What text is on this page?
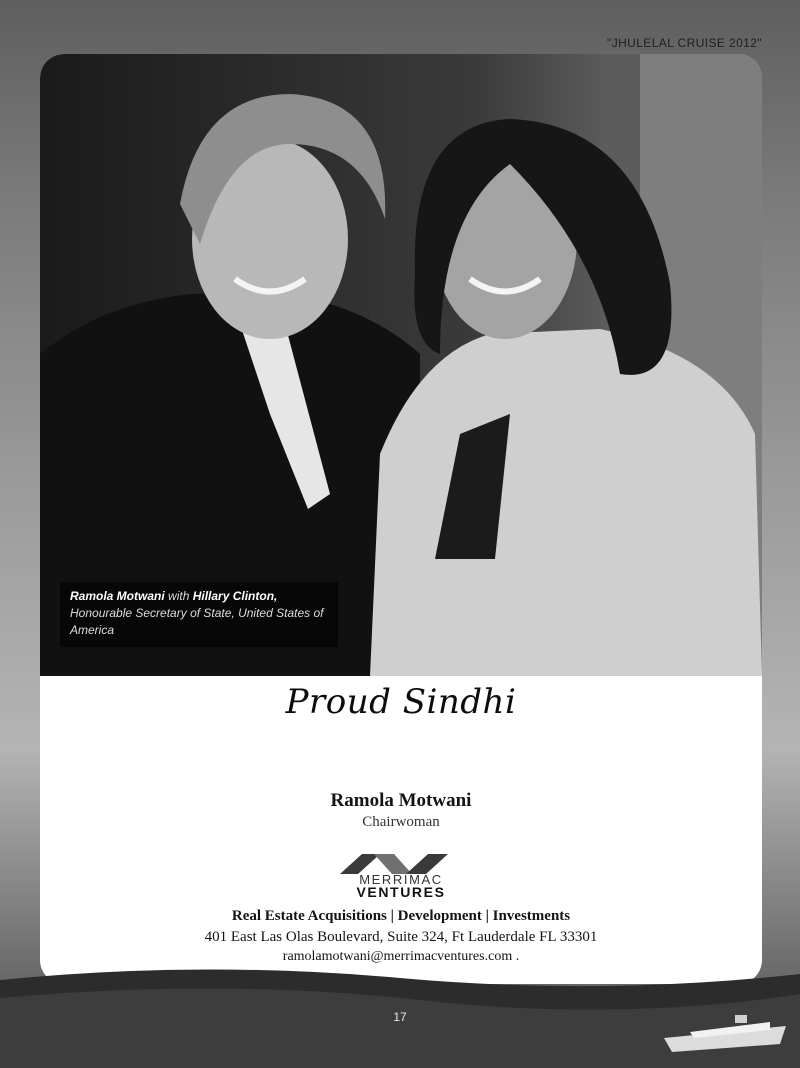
"JHULELAL CRUISE 2012"
Ramola Motwani with Hillary Clinton, Honourable Secretary of State, United States of America
Proud Sindhi
Ramola Motwani
Chairwoman
MERRIMAC
VENTURES
Real Estate Acquisitions | Development | Investments
401 East Las Olas Boulevard, Suite 324, Ft Lauderdale FL 33301
ramolamotwani@merrimacventures.com .
17
